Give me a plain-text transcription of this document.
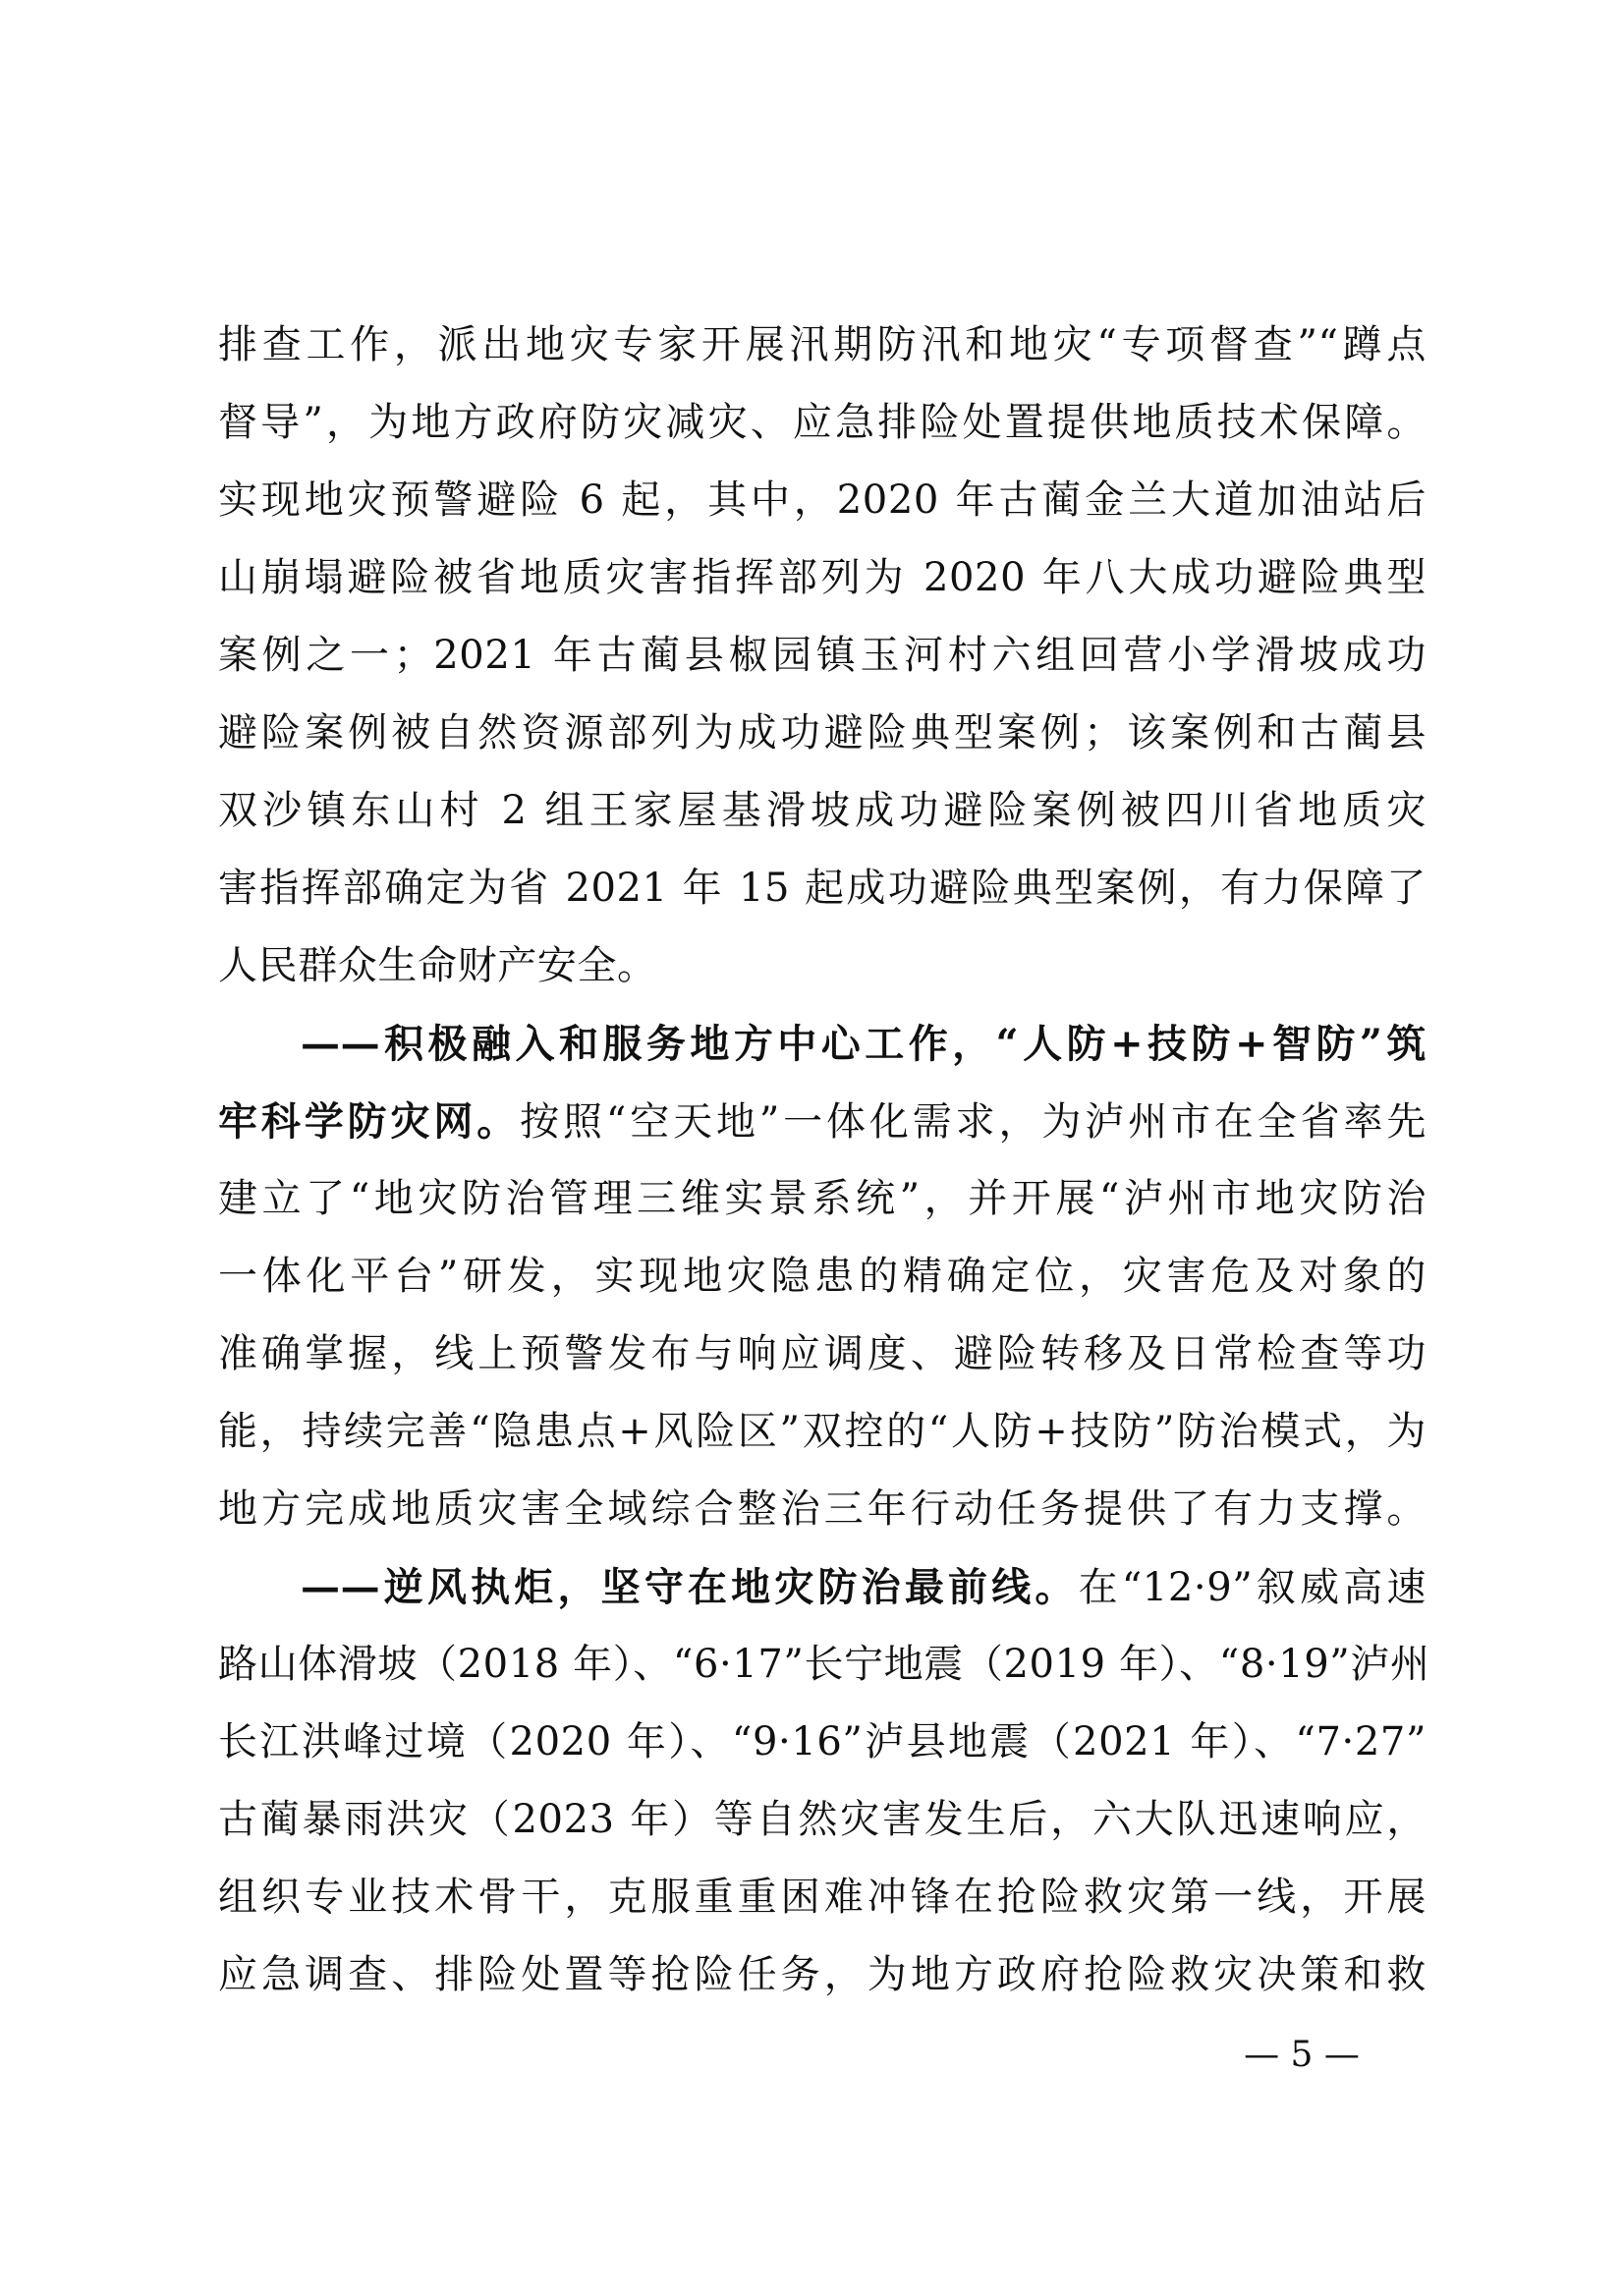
排查工作，派出地灾专家开展汛期防汛和地灾“专项督查”“蹲点
督导”，为地方政府防灾减灾、应急排险处置提供地质技术保障。
实现地灾预警避险 6 起，其中，2020 年古蔺金兰大道加油站后
山崩塌避险被省地质灾害指挥部列为 2020 年八大成功避险典型
案例之一；2021 年古蔺县椒园镇玉河村六组回营小学滑坡成功
避险案例被自然资源部列为成功避险典型案例；该案例和古蔺县
双沙镇东山村 2 组王家屋基滑坡成功避险案例被四川省地质灾
害指挥部确定为省 2021 年 15 起成功避险典型案例，有力保障了
人民群众生命财产安全。
——积极融入和服务地方中心工作，“人防+技防+智防”筑
牢科学防灾网。按照“空天地”一体化需求，为泸州市在全省率先
建立了“地灾防治管理三维实景系统”，并开展“泸州市地灾防治
一体化平台”研发，实现地灾隐患的精确定位，灾害危及对象的
准确掌握，线上预警发布与响应调度、避险转移及日常检查等功
能，持续完善“隐患点+风险区”双控的“人防+技防”防治模式，为
地方完成地质灾害全域综合整治三年行动任务提供了有力支撑。
——逆风执炬，坚守在地灾防治最前线。在“12·9”叙威高速
路山体滑坡（2018 年）、“6·17”长宁地震（2019 年）、“8·19”泸州
长江洪峰过境（2020 年）、“9·16”泸县地震（2021 年）、“7·27”
古蔺暴雨洪灾（2023 年）等自然灾害发生后，六大队迅速响应，
组织专业技术骨干，克服重重困难冲锋在抢险救灾第一线，开展
应急调查、排险处置等抢险任务，为地方政府抢险救灾决策和救
— 5 —
